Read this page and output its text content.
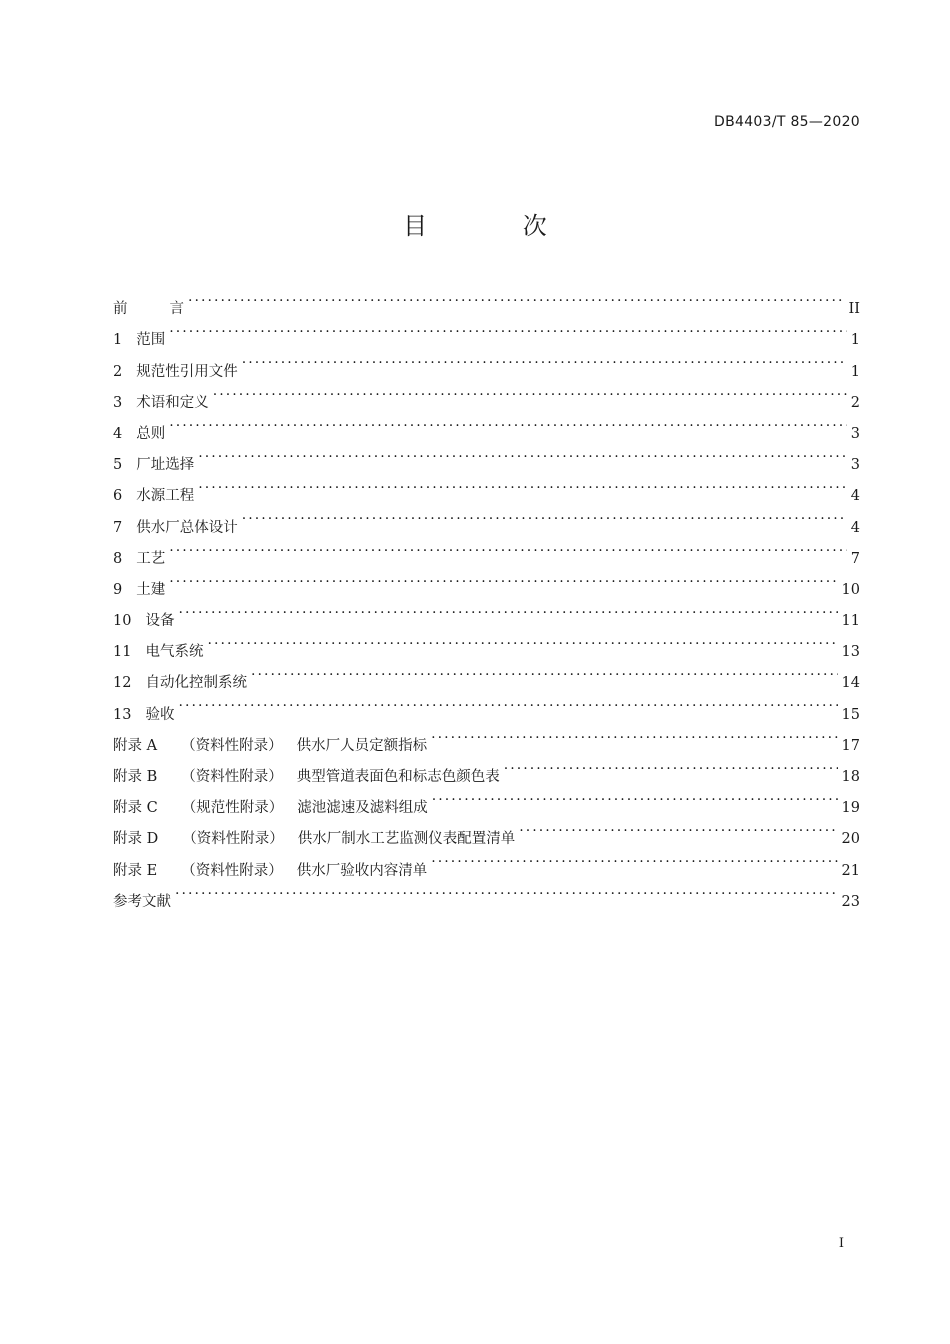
DB4403/T 85—2020
目 次
前	言 . . .	II
1 范围 . . .	1
2 规范性引用文件 . . .	1
3 术语和定义 . . .	2
4 总则 . . .	3
5 厂址选择 . . .	3
6 水源工程 . . .	4
7 供水厂总体设计 . . .	4
8 工艺 . . .	7
9 土建 . . .	10
10 设备 . . .	11
11 电气系统 . . .	13
12 自动化控制系统 . . .	14
13 验收 . . .	15
附录 A （资料性附录） 供水厂人员定额指标 . . .	17
附录 B （资料性附录） 典型管道表面色和标志色颜色表 . . .	18
附录 C （规范性附录） 滤池滤速及滤料组成 . . .	19
附录 D （资料性附录） 供水厂制水工艺监测仪表配置清单 . . .	20
附录 E （资料性附录） 供水厂验收内容清单 . . .	21
参考文献 . . .	23
I
